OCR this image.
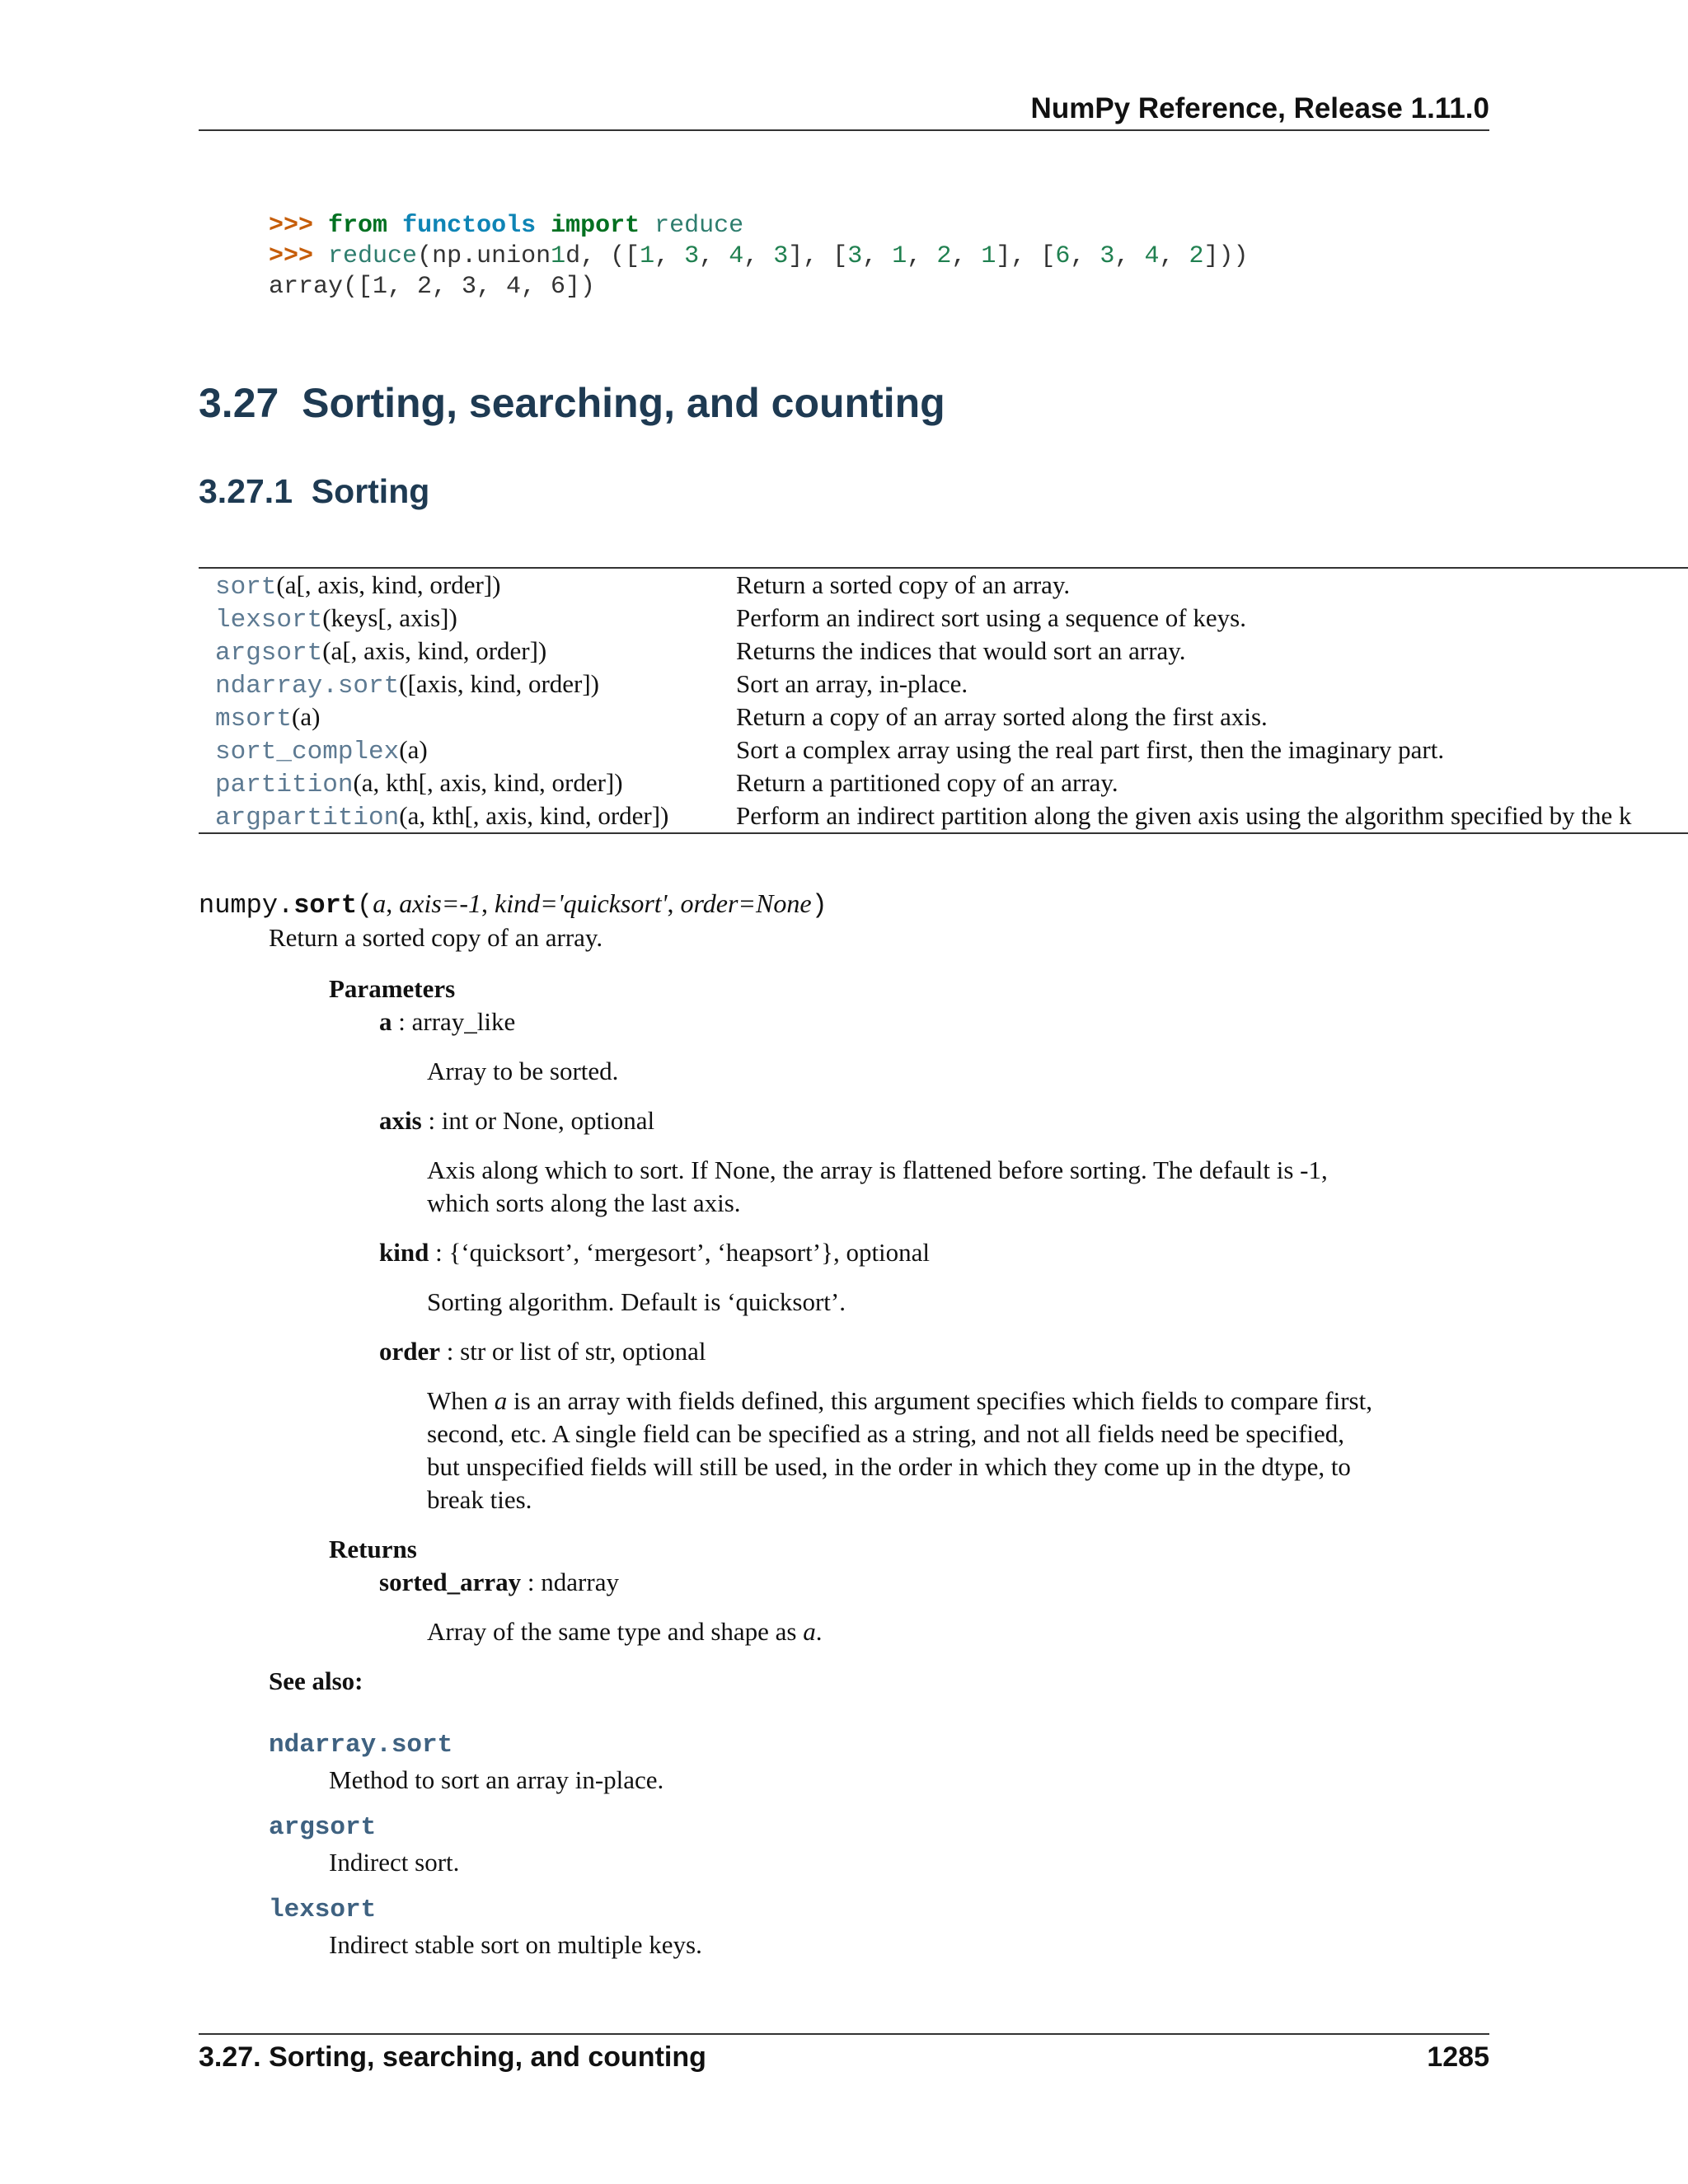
NumPy Reference, Release 1.11.0
>>> from functools import reduce
>>> reduce(np.union1d, ([1, 3, 4, 3], [3, 1, 2, 1], [6, 3, 4, 2]))
array([1, 2, 3, 4, 6])
3.27 Sorting, searching, and counting
3.27.1 Sorting
sort(a[, axis, kind, order])	Return a sorted copy of an array.
lexsort(keys[, axis])	Perform an indirect sort using a sequence of keys.
argsort(a[, axis, kind, order])	Returns the indices that would sort an array.
ndarray.sort([axis, kind, order])	Sort an array, in-place.
msort(a)	Return a copy of an array sorted along the first axis.
sort_complex(a)	Sort a complex array using the real part first, then the imaginary part.
partition(a, kth[, axis, kind, order])	Return a partitioned copy of an array.
argpartition(a, kth[, axis, kind, order])	Perform an indirect partition along the given axis using the algorithm specified by the k
numpy.sort(a, axis=-1, kind='quicksort', order=None)
Return a sorted copy of an array.
Parameters
a : array_like
Array to be sorted.
axis : int or None, optional
Axis along which to sort. If None, the array is flattened before sorting. The default is -1, which sorts along the last axis.
kind : {‘quicksort’, ‘mergesort’, ‘heapsort’}, optional
Sorting algorithm. Default is ‘quicksort’.
order : str or list of str, optional
When a is an array with fields defined, this argument specifies which fields to compare first, second, etc. A single field can be specified as a string, and not all fields need be specified, but unspecified fields will still be used, in the order in which they come up in the dtype, to break ties.
Returns
sorted_array : ndarray
Array of the same type and shape as a.
See also:
ndarray.sort
Method to sort an array in-place.
argsort
Indirect sort.
lexsort
Indirect stable sort on multiple keys.
3.27. Sorting, searching, and counting	1285
